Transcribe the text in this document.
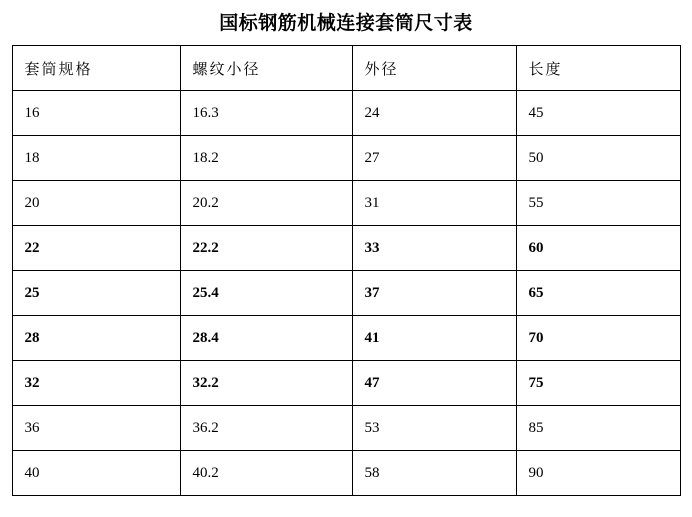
国标钢筋机械连接套筒尺寸表
套筒规格	螺纹小径	外径	长度
16	16.3	24	45
18	18.2	27	50
20	20.2	31	55
22	22.2	33	60
25	25.4	37	65
28	28.4	41	70
32	32.2	47	75
36	36.2	53	85
40	40.2	58	90
